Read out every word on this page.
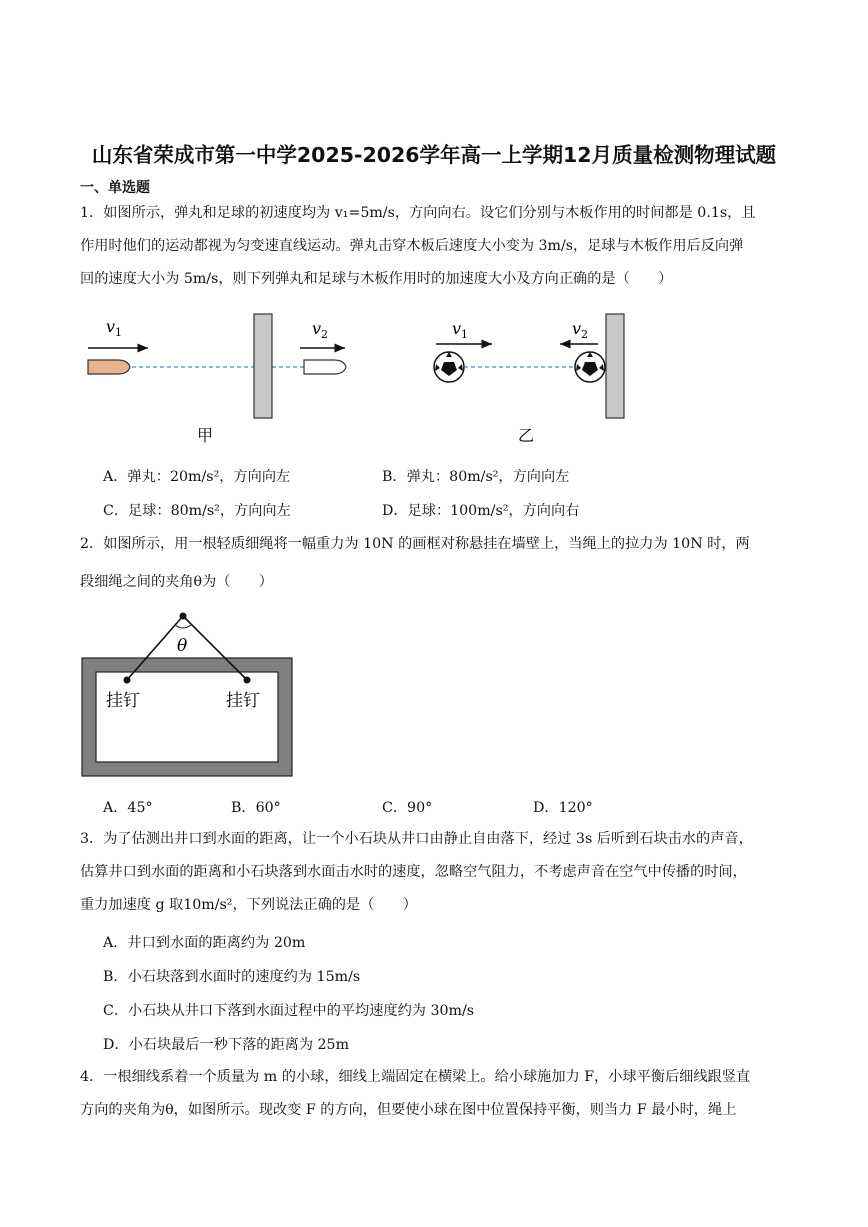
山东省荣成市第一中学2025-2026学年高一上学期12月质量检测物理试题
一、单选题
1．如图所示，弹丸和足球的初速度均为 v₁=5m/s，方向向右。设它们分别与木板作用的时间都是 0.1s，且
作用时他们的运动都视为匀变速直线运动。弹丸击穿木板后速度大小变为 3m/s，足球与木板作用后反向弹
回的速度大小为 5m/s，则下列弹丸和足球与木板作用时的加速度大小及方向正确的是（　　）
$v_1$	$v_2$
甲
$v_1$	$v_2$
乙
A．弹丸：20m/s²，方向向左	B．弹丸：80m/s²，方向向左
C．足球：80m/s²，方向向左	D．足球：100m/s²，方向向右
2．如图所示，用一根轻质细绳将一幅重力为 10N 的画框对称悬挂在墙壁上，当绳上的拉力为 10N 时，两
段细绳之间的夹角θ为（　　）
θ
挂钉	挂钉
A．45°	B．60°	C．90°	D．120°
3．为了估测出井口到水面的距离，让一个小石块从井口由静止自由落下，经过 3s 后听到石块击水的声音，
估算井口到水面的距离和小石块落到水面击水时的速度，忽略空气阻力，不考虑声音在空气中传播的时间，
重力加速度 g 取10m/s²，下列说法正确的是（　　）
A．井口到水面的距离约为 20m
B．小石块落到水面时的速度约为 15m/s
C．小石块从井口下落到水面过程中的平均速度约为 30m/s
D．小石块最后一秒下落的距离为 25m
4．一根细线系着一个质量为 m 的小球，细线上端固定在横梁上。给小球施加力 F，小球平衡后细线跟竖直
方向的夹角为θ，如图所示。现改变 F 的方向，但要使小球在图中位置保持平衡，则当力 F 最小时，绳上
